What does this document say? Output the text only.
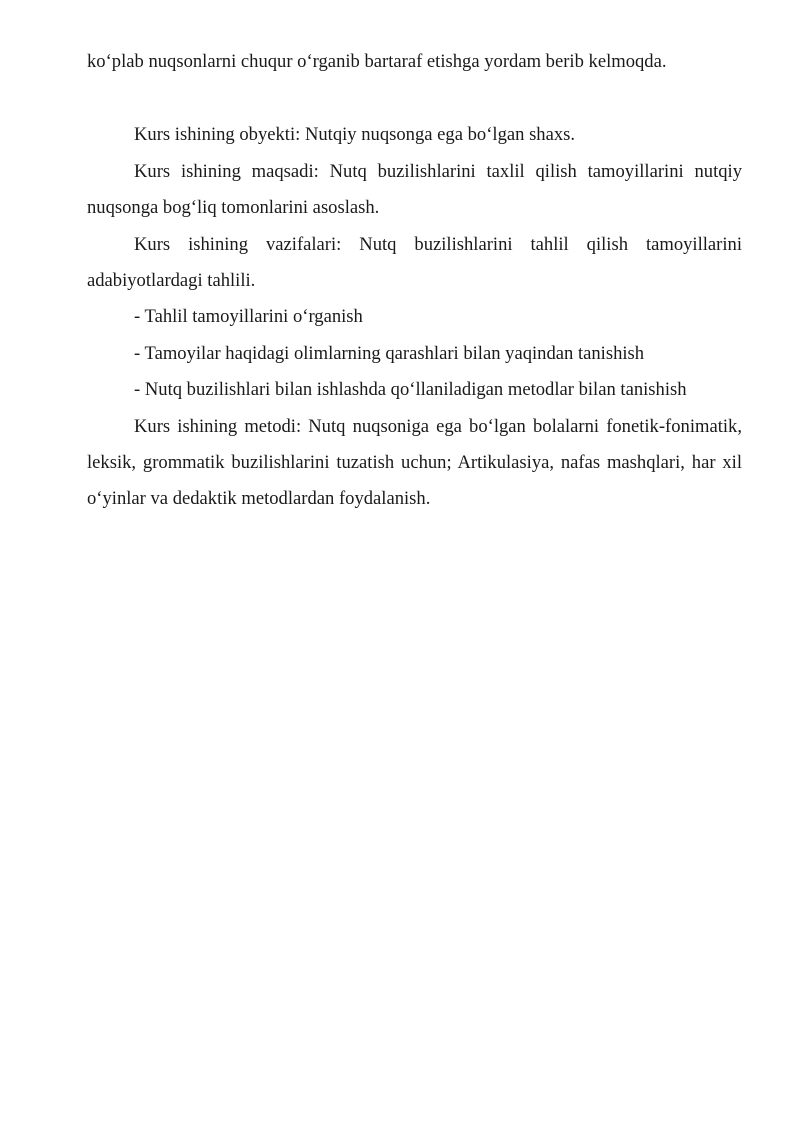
ko‘plab nuqsonlarni chuqur o‘rganib bartaraf etishga yordam berib kelmoqda.

Kurs ishining obyekti: Nutqiy nuqsonga ega bo‘lgan shaxs.

Kurs ishining maqsadi: Nutq buzilishlarini taxlil qilish tamoyillarini nutqiy nuqsonga bog‘liq tomonlarini asoslash.

Kurs ishining vazifalari: Nutq buzilishlarini tahlil qilish tamoyillarini adabiyotlardagi tahlili.

- Tahlil tamoyillarini o‘rganish

- Tamoyilar haqidagi olimlarning qarashlari bilan yaqindan tanishish

- Nutq buzilishlari bilan ishlashda qo‘llaniladigan metodlar bilan tanishish

Kurs ishining metodi: Nutq nuqsoniga ega bo‘lgan bolalarni fonetik-fonimatik, leksik, grommatik buzilishlarini tuzatish uchun; Artikulasiya, nafas mashqlari, har xil o‘yinlar va dedaktik metodlardan foydalanish.
